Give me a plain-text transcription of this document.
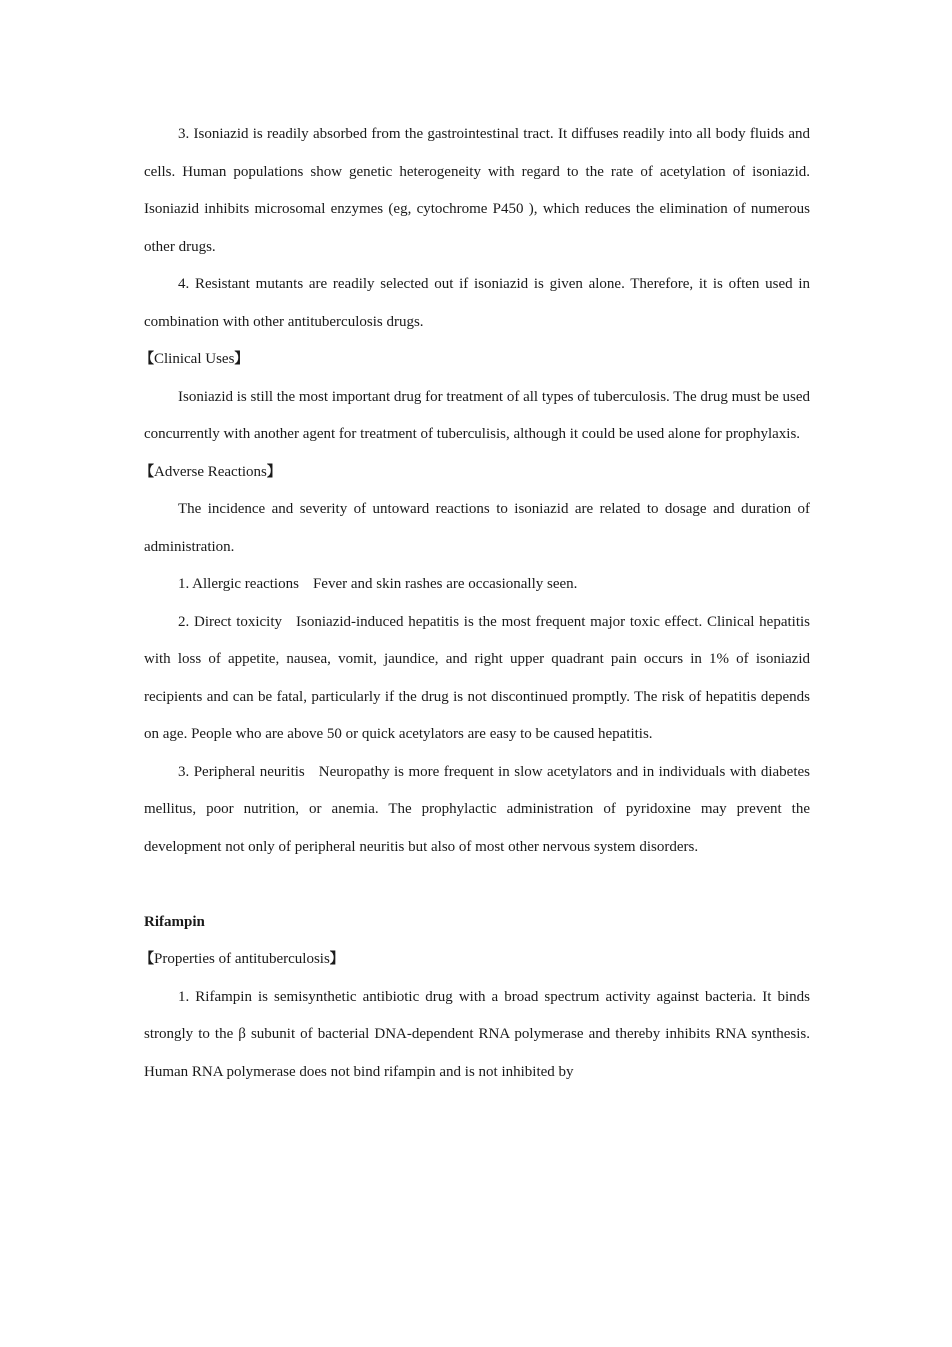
3. Isoniazid is readily absorbed from the gastrointestinal tract. It diffuses readily into all body fluids and cells. Human populations show genetic heterogeneity with regard to the rate of acetylation of isoniazid. Isoniazid inhibits microsomal enzymes (eg, cytochrome P450 ), which reduces the elimination of numerous other drugs.

4. Resistant mutants are readily selected out if isoniazid is given alone. Therefore, it is often used in combination with other antituberculosis drugs.

【Clinical Uses】

Isoniazid is still the most important drug for treatment of all types of tuberculosis. The drug must be used concurrently with another agent for treatment of tuberculisis, although it could be used alone for prophylaxis.

【Adverse Reactions】

The incidence and severity of untoward reactions to isoniazid are related to dosage and duration of administration.

1. Allergic reactions Fever and skin rashes are occasionally seen.

2. Direct toxicity Isoniazid-induced hepatitis is the most frequent major toxic effect. Clinical hepatitis with loss of appetite, nausea, vomit, jaundice, and right upper quadrant pain occurs in 1% of isoniazid recipients and can be fatal, particularly if the drug is not discontinued promptly. The risk of hepatitis depends on age. People who are above 50 or quick acetylators are easy to be caused hepatitis.

3. Peripheral neuritis Neuropathy is more frequent in slow acetylators and in individuals with diabetes mellitus, poor nutrition, or anemia. The prophylactic administration of pyridoxine may prevent the development not only of peripheral neuritis but also of most other nervous system disorders.

Rifampin

【Properties of antituberculosis】

1. Rifampin is semisynthetic antibiotic drug with a broad spectrum activity against bacteria. It binds strongly to the β subunit of bacterial DNA-dependent RNA polymerase and thereby inhibits RNA synthesis. Human RNA polymerase does not bind rifampin and is not inhibited by
